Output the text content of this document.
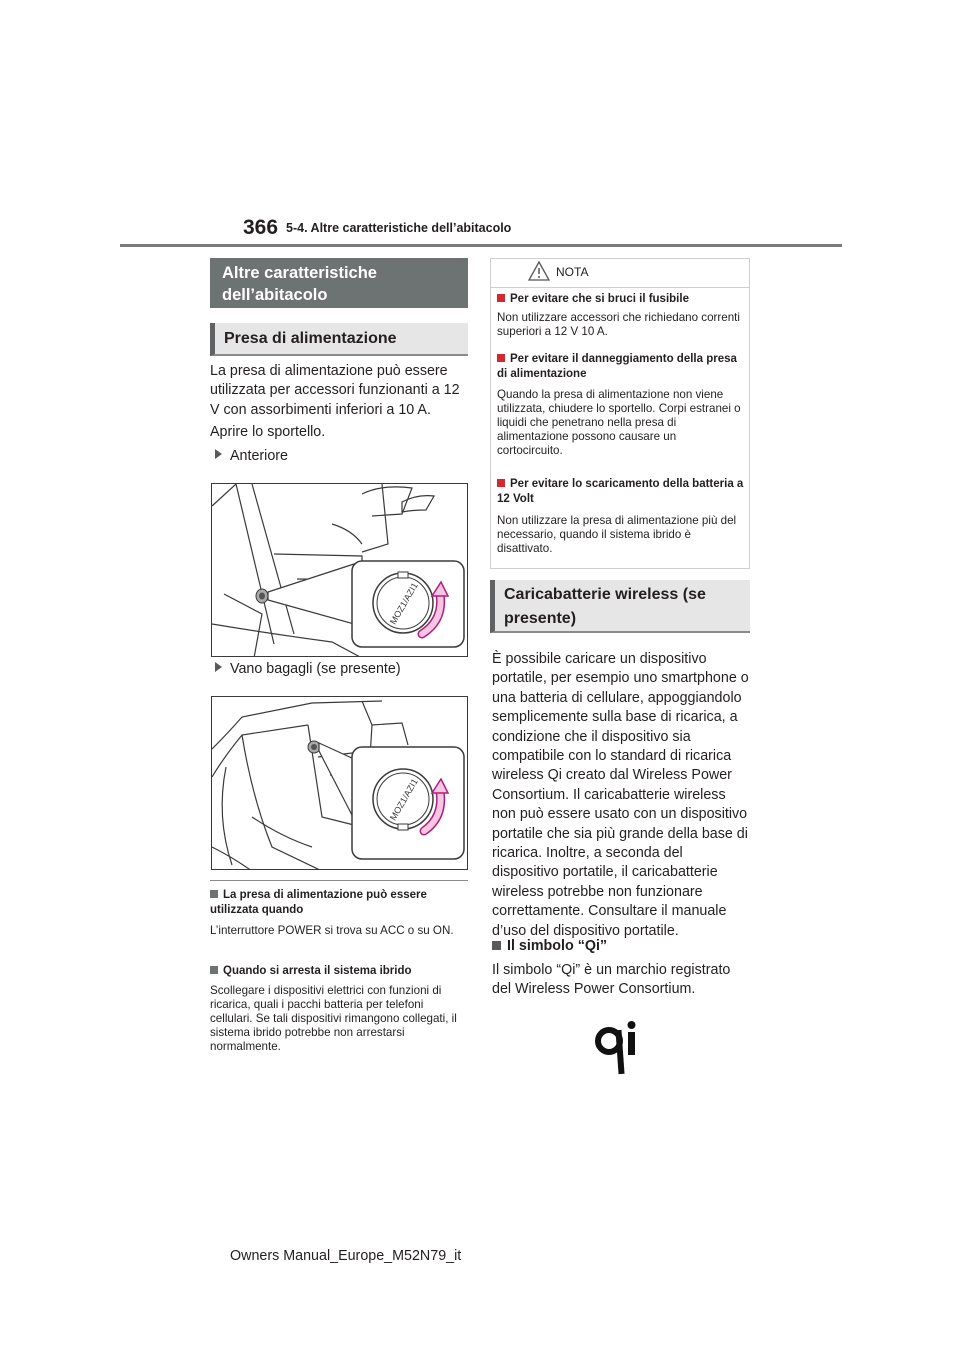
366 5-4. Altre caratteristiche dell’abitacolo
Altre caratteristiche dell’abitacolo
Presa di alimentazione
La presa di alimentazione può essere utilizzata per accessori funzionanti a 12 V con assorbimenti inferiori a 10 A.
Aprire lo sportello.
Anteriore
MOZ1/AZI1
Vano bagagli (se presente)
MOZ1/AZI1
La presa di alimentazione può essere utilizzata quando
L’interruttore POWER si trova su ACC o su ON.
Quando si arresta il sistema ibrido
Scollegare i dispositivi elettrici con funzioni di ricarica, quali i pacchi batteria per telefoni cellulari. Se tali dispositivi rimangono collegati, il sistema ibrido potrebbe non arrestarsi normalmente.
NOTA
Per evitare che si bruci il fusibile
Non utilizzare accessori che richiedano correnti superiori a 12 V 10 A.
Per evitare il danneggiamento della presa di alimentazione
Quando la presa di alimentazione non viene utilizzata, chiudere lo sportello. Corpi estranei o liquidi che penetrano nella presa di alimentazione possono causare un cortocircuito.
Per evitare lo scaricamento della batteria a 12 Volt
Non utilizzare la presa di alimentazione più del necessario, quando il sistema ibrido è disattivato.
Caricabatterie wireless (se presente)
È possibile caricare un dispositivo portatile, per esempio uno smartphone o una batteria di cellulare, appoggiandolo semplicemente sulla base di ricarica, a condizione che il dispositivo sia compatibile con lo standard di ricarica wireless Qi creato dal Wireless Power Consortium. Il caricabatterie wireless non può essere usato con un dispositivo portatile che sia più grande della base di ricarica. Inoltre, a seconda del dispositivo portatile, il caricabatterie wireless potrebbe non funzionare correttamente. Consultare il manuale d’uso del dispositivo portatile.
Il simbolo “Qi”
Il simbolo “Qi” è un marchio registrato del Wireless Power Consortium.
Owners Manual_Europe_M52N79_it
